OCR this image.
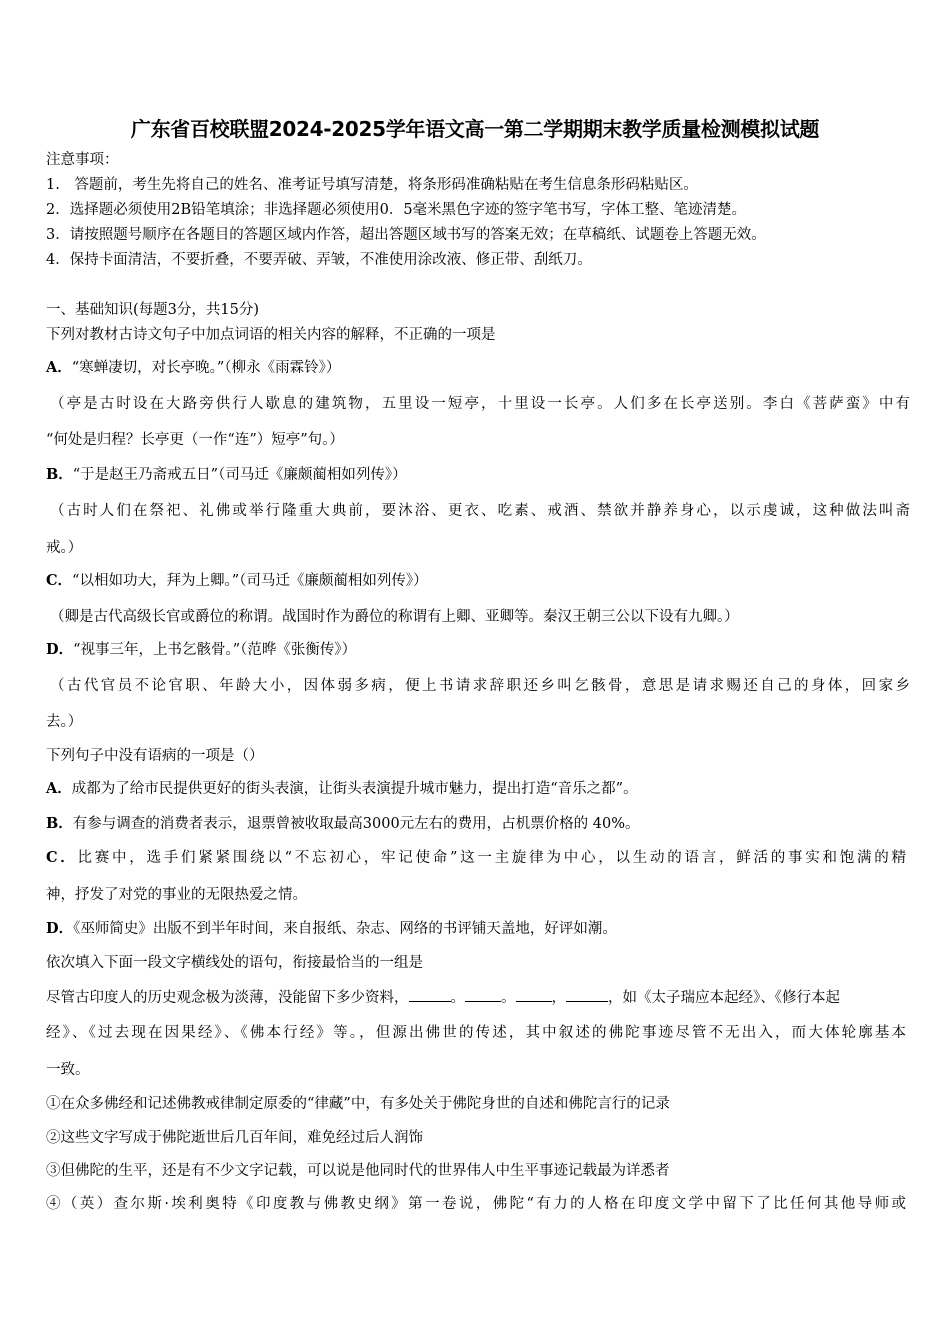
广东省百校联盟2024-2025学年语文高一第二学期期末教学质量检测模拟试题
注意事项：
1.　答题前，考生先将自己的姓名、准考证号填写清楚，将条形码准确粘贴在考生信息条形码粘贴区。
2．选择题必须使用2B铅笔填涂；非选择题必须使用0．5毫米黑色字迹的签字笔书写，字体工整、笔迹清楚。
3．请按照题号顺序在各题目的答题区域内作答，超出答题区域书写的答案无效；在草稿纸、试题卷上答题无效。
4．保持卡面清洁，不要折叠，不要弄破、弄皱，不准使用涂改液、修正带、刮纸刀。
一、基础知识(每题3分，共15分)
下列对教材古诗文句子中加点词语的相关内容的解释，不正确的一项是
A．“寒蝉凄切，对长亭晚。”（柳永《雨霖铃》）
（亭是古时设在大路旁供行人歇息的建筑物，五里设一短亭，十里设一长亭。人们多在长亭送别。李白《菩萨蛮》中有
“何处是归程？长亭更（一作“连”）短亭”句。）
B．“于是赵王乃斋戒五日”（司马迁《廉颇蔺相如列传》）
（古时人们在祭祀、礼佛或举行隆重大典前，要沐浴、更衣、吃素、戒酒、禁欲并静养身心，以示虔诚，这种做法叫斋
戒。）
C．“以相如功大，拜为上卿。”（司马迁《廉颇蔺相如列传》）
（卿是古代高级长官或爵位的称谓。战国时作为爵位的称谓有上卿、亚卿等。秦汉王朝三公以下设有九卿。）
D．“视事三年，上书乞骸骨。”（范晔《张衡传》）
（古代官员不论官职、年龄大小，因体弱多病，便上书请求辞职还乡叫乞骸骨，意思是请求赐还自己的身体，回家乡
去。）
下列句子中没有语病的一项是（）
A．成都为了给市民提供更好的街头表演，让街头表演提升城市魅力，提出打造“音乐之都”。
B．有参与调查的消费者表示，退票曾被收取最高3000元左右的费用，占机票价格的 40%。
C．比赛中，选手们紧紧围绕以“不忘初心，牢记使命”这一主旋律为中心，以生动的语言，鲜活的事实和饱满的精
神，抒发了对党的事业的无限热爱之情。
D．《巫师简史》出版不到半年时间，来自报纸、杂志、网络的书评铺天盖地，好评如潮。
依次填入下面一段文字横线处的语句，衔接最恰当的一组是
尽管古印度人的历史观念极为淡薄，没能留下多少资料，	。 。 ，	，如《太子瑞应本起经》、《修行本起
经》、《过去现在因果经》、《佛本行经》等。，但源出佛世的传述，其中叙述的佛陀事迹尽管不无出入，而大体轮廓基本
一致。
①在众多佛经和记述佛教戒律制定原委的“律藏”中，有多处关于佛陀身世的自述和佛陀言行的记录
②这些文字写成于佛陀逝世后几百年间，难免经过后人润饰
③但佛陀的生平，还是有不少文字记载，可以说是他同时代的世界伟人中生平事迹记载最为详悉者
④（英）查尔斯·埃利奥特《印度教与佛教史纲》第一卷说，佛陀“有力的人格在印度文学中留下了比任何其他导师或
